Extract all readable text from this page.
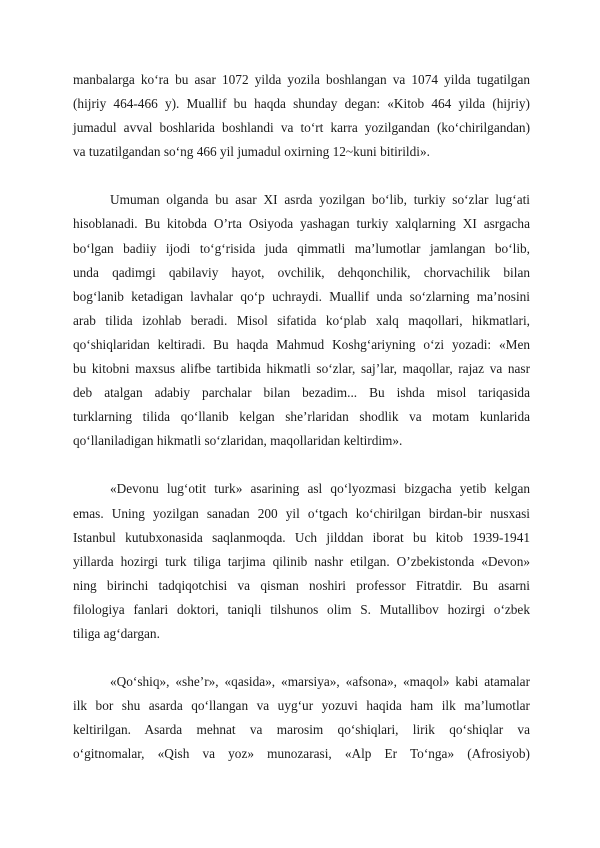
manbalarga ko‘ra bu asar 1072 yilda yozila boshlangan va 1074 yilda tugatilgan
(hijriy 464-466 y). Muallif bu haqda shunday degan: «Kitob 464 yilda (hijriy)
jumadul avval boshlarida boshlandi va to‘rt karra yozilgandan (ko‘chirilgandan)
va tuzatilgandan so‘ng 466 yil jumadul oxirning 12~kuni bitirildi».

Umuman olganda bu asar XI asrda yozilgan bo‘lib, turkiy so‘zlar lug‘ati
hisoblanadi. Bu kitobda O’rta Osiyoda yashagan turkiy xalqlarning XI asrgacha
bo‘lgan badiiy ijodi to‘g‘risida juda qimmatli ma’lumotlar jamlangan bo‘lib,
unda qadimgi qabilaviy hayot, ovchilik, dehqonchilik, chorvachilik bilan
bog‘lanib ketadigan lavhalar qo‘p uchraydi. Muallif unda so‘zlarning ma’nosini
arab tilida izohlab beradi. Misol sifatida ko‘plab xalq maqollari, hikmatlari,
qo‘shiqlaridan keltiradi. Bu haqda Mahmud Koshg‘ariyning o‘zi yozadi: «Men
bu kitobni maxsus alifbe tartibida hikmatli so‘zlar, saj’lar, maqollar, rajaz va nasr
deb atalgan adabiy parchalar bilan bezadim... Bu ishda misol tariqasida
turklarning tilida qo‘llanib kelgan she’rlaridan shodlik va motam kunlarida
qo‘llaniladigan hikmatli so‘zlaridan, maqollaridan keltirdim».

«Devonu lug‘otit turk» asarining asl qo‘lyozmasi bizgacha yetib kelgan
emas. Uning yozilgan sanadan 200 yil o‘tgach ko‘chirilgan birdan-bir nusxasi
Istanbul kutubxonasida saqlanmoqda. Uch jilddan iborat bu kitob 1939-1941
yillarda hozirgi turk tiliga tarjima qilinib nashr etilgan. O’zbekistonda «Devon»
ning birinchi tadqiqotchisi va qisman noshiri professor Fitratdir. Bu asarni
filologiya fanlari doktori, taniqli tilshunos olim S. Mutallibov hozirgi o‘zbek
tiliga ag‘dargan.

«Qo‘shiq», «she’r», «qasida», «marsiya», «afsona», «maqol» kabi atamalar
ilk bor shu asarda qo‘llangan va uyg‘ur yozuvi haqida ham ilk ma’lumotlar
keltirilgan. Asarda mehnat va marosim qo‘shiqlari, lirik qo‘shiqlar va
o‘gitnomalar, «Qish va yoz» munozarasi, «Alp Er To‘nga» (Afrosiyob)
